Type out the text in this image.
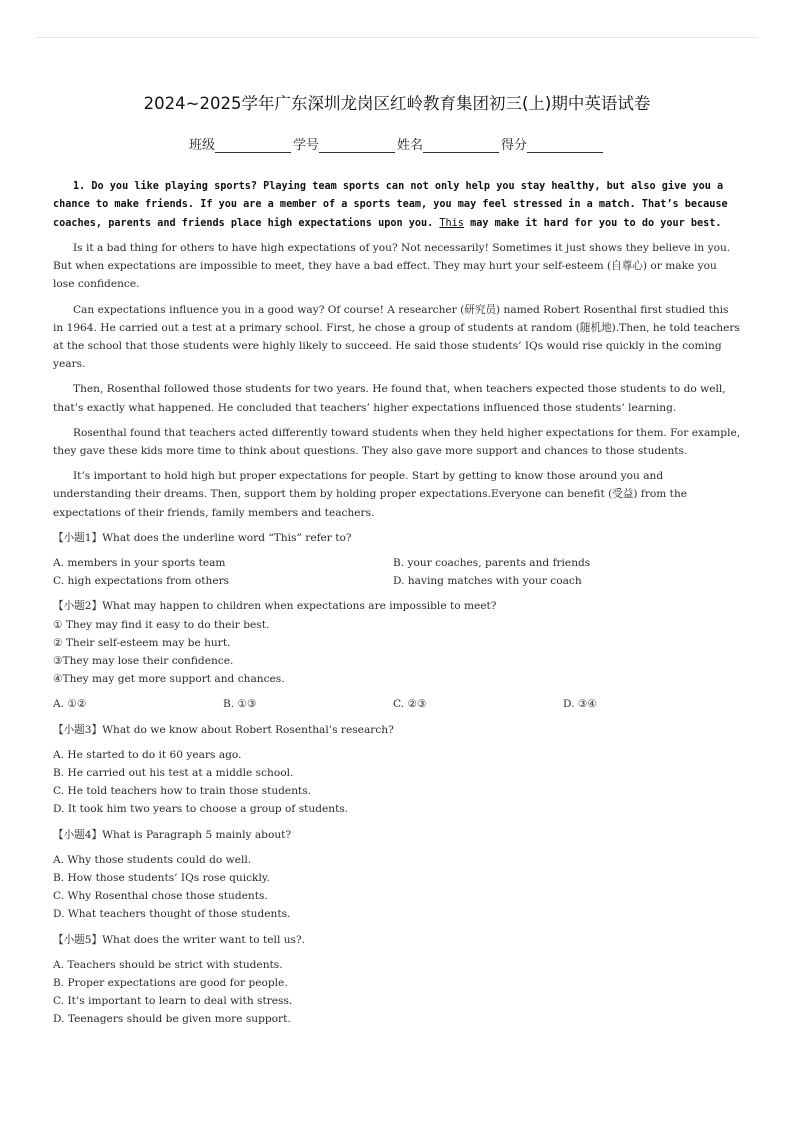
2024~2025学年广东深圳龙岗区红岭教育集团初三(上)期中英语试卷
班级	学号	姓名	得分

1. Do you like playing sports? Playing team sports can not only help you stay healthy, but also give you a chance to make friends. If you are a member of a sports team, you may feel stressed in a match. That’s because coaches, parents and friends place high expectations upon you. This may make it hard for you to do your best.

Is it a bad thing for others to have high expectations of you? Not necessarily! Sometimes it just shows they believe in you. But when expectations are impossible to meet, they have a bad effect. They may hurt your self-esteem (自尊心) or make you lose confidence.

Can expectations influence you in a good way? Of course! A researcher (研究员) named Robert Rosenthal first studied this in 1964. He carried out a test at a primary school. First, he chose a group of students at random (随机地).Then, he told teachers at the school that those students were highly likely to succeed. He said those students’ IQs would rise quickly in the coming years.

Then, Rosenthal followed those students for two years. He found that, when teachers expected those students to do well, that’s exactly what happened. He concluded that teachers’ higher expectations influenced those students’ learning.

Rosenthal found that teachers acted differently toward students when they held higher expectations for them. For example, they gave these kids more time to think about questions. They also gave more support and chances to those students.

It’s important to hold high but proper expectations for people. Start by getting to know those around you and understanding their dreams. Then, support them by holding proper expectations.Everyone can benefit (受益) from the expectations of their friends, family members and teachers.

【小题1】What does the underline word “This” refer to?
A. members in your sports team	B. your coaches, parents and friends
C. high expectations from others	D. having matches with your coach
【小题2】What may happen to children when expectations are impossible to meet?
① They may find it easy to do their best.
② Their self-esteem may be hurt.
③They may lose their confidence.
④They may get more support and chances.
A. ①②	B. ①③	C. ②③	D. ③④
【小题3】What do we know about Robert Rosenthal’s research?
A. He started to do it 60 years ago.
B. He carried out his test at a middle school.
C. He told teachers how to train those students.
D. It took him two years to choose a group of students.
【小题4】What is Paragraph 5 mainly about?
A. Why those students could do well.
B. How those students’ IQs rose quickly.
C. Why Rosenthal chose those students.
D. What teachers thought of those students.
【小题5】What does the writer want to tell us?.
A. Teachers should be strict with students.
B. Proper expectations are good for people.
C. It’s important to learn to deal with stress.
D. Teenagers should be given more support.
